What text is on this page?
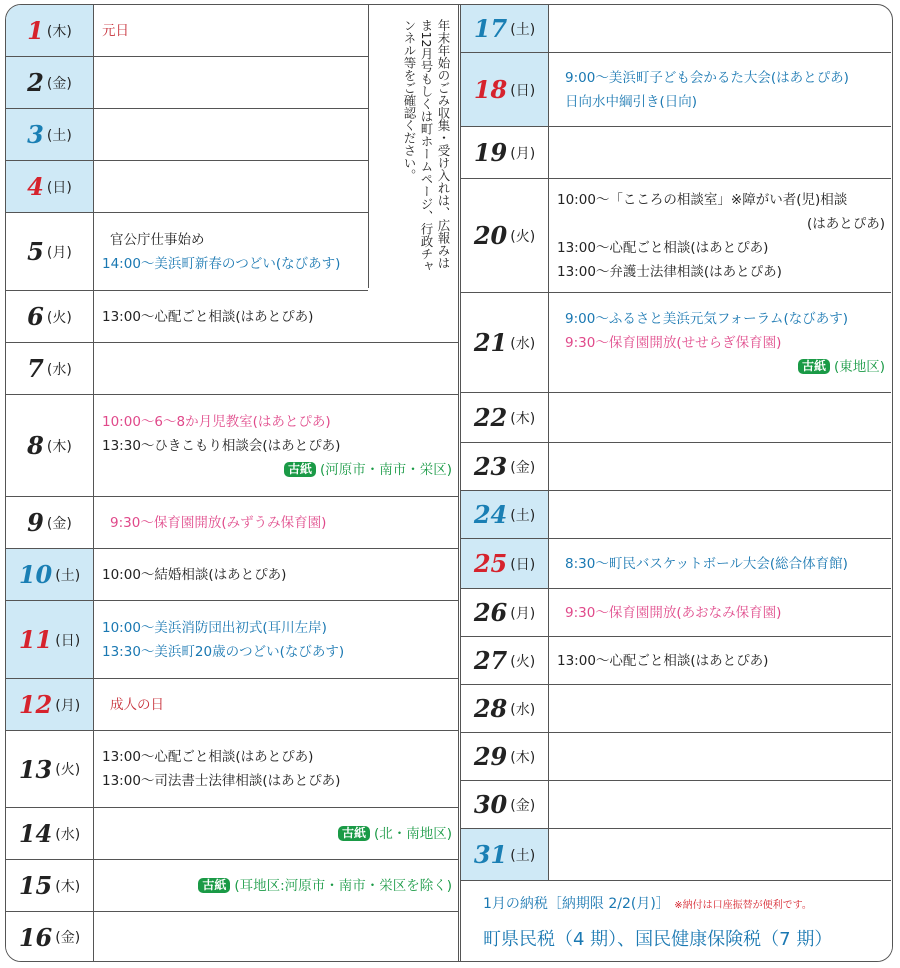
1 (木) 元日
2 (金)
3 (土)
4 (日)
5 (月)
官公庁仕事始め
14:00～美浜町新春のつどい(なびあす)
6 (火) 13:00～心配ごと相談(はあとぴあ)
7 (水)
8 (木)
10:00～6～8か月児教室(はあとぴあ)
13:30～ひきこもり相談会(はあとぴあ)
古紙 (河原市・南市・栄区)
9 (金)	9:30～保育園開放(みずうみ保育園)
10 (土) 10:00～結婚相談(はあとぴあ)
11 (日)
10:00～美浜消防団出初式(耳川左岸)
13:30～美浜町20歳のつどい(なびあす)
12 (月)	成人の日
13 (火)
13:00～心配ごと相談(はあとぴあ)
13:00～司法書士法律相談(はあとぴあ)
14 (水)	古紙 (北・南地区)
15 (木)	古紙 (耳地区:河原市・南市・栄区を除く)
16 (金)
17 (土)
18 (日)
9:00～美浜町子ども会かるた大会(はあとぴあ)
日向水中綱引き(日向)
19 (月)
20 (火)
10:00～「こころの相談室」※障がい者(児)相談
(はあとぴあ)
13:00～心配ごと相談(はあとぴあ)
13:00～弁護士法律相談(はあとぴあ)
21 (水)
9:00～ふるさと美浜元気フォーラム(なびあす)
9:30～保育園開放(せせらぎ保育園)
古紙 (東地区)
22 (木)
23 (金)
24 (土)
25 (日)	8:30～町民バスケットボール大会(総合体育館)
26 (月)	9:30～保育園開放(あおなみ保育園)
27 (火) 13:00～心配ごと相談(はあとぴあ)
28 (水)
29 (木)
30 (金)
31 (土)
年末年始のごみ収集・受け入れは、広報みはま12月号もしくは町ホームページ、行政チャンネル等をご確認ください。
1月の納税［納期限 2/2(月)］ ※納付は口座振替が便利です。
町県民税（4 期）、国民健康保険税（7 期）
